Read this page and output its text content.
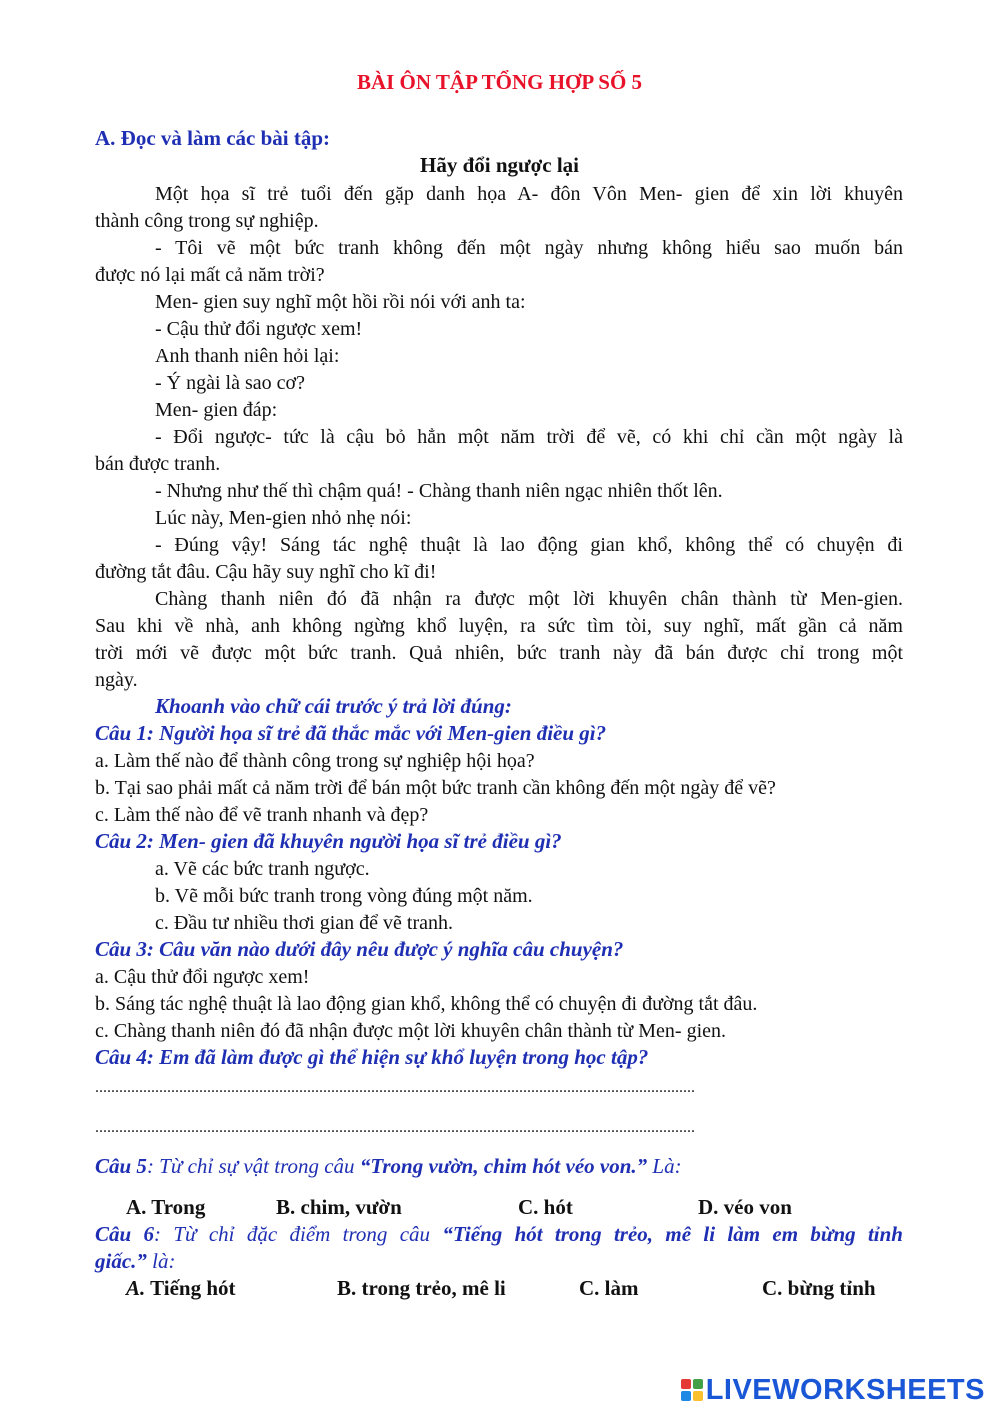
BÀI ÔN TẬP TỔNG HỢP SỐ 5
A. Đọc và làm các bài tập:
Hãy đổi ngược lại
Một họa sĩ trẻ tuổi đến gặp danh họa A- đôn Vôn Men- gien để xin lời khuyên
thành công trong sự nghiệp.
- Tôi vẽ một bức tranh không đến một ngày nhưng không hiểu sao muốn bán
được nó lại mất cả năm trời?
Men- gien suy nghĩ một hồi rồi nói với anh ta:
- Cậu thử đổi ngược xem!
Anh thanh niên hỏi lại:
- Ý ngài là sao cơ?
Men- gien đáp:
- Đổi ngược- tức là cậu bỏ hẳn một năm trời để vẽ, có khi chỉ cần một ngày là
bán được tranh.
- Nhưng như thế thì chậm quá! - Chàng thanh niên ngạc nhiên thốt lên.
Lúc này, Men-gien nhỏ nhẹ nói:
- Đúng vậy! Sáng tác nghệ thuật là lao động gian khổ, không thể có chuyện đi
đường tắt đâu. Cậu hãy suy nghĩ cho kĩ đi!
Chàng thanh niên đó đã nhận ra được một lời khuyên chân thành từ Men-gien.
Sau khi về nhà, anh không ngừng khổ luyện, ra sức tìm tòi, suy nghĩ, mất gần cả năm
trời mới vẽ được một bức tranh. Quả nhiên, bức tranh này đã bán được chỉ trong một
ngày.
Khoanh vào chữ cái trước ý trả lời đúng:
Câu 1: Người họa sĩ trẻ đã thắc mắc với Men-gien điều gì?
a. Làm thế nào để thành công trong sự nghiệp hội họa?
b. Tại sao phải mất cả năm trời để bán một bức tranh cần không đến một ngày để vẽ?
c. Làm thế nào để vẽ tranh nhanh và đẹp?
Câu 2: Men- gien đã khuyên người họa sĩ trẻ điều gì?
a. Vẽ các bức tranh ngược.
b. Vẽ mỗi bức tranh trong vòng đúng một năm.
c. Đầu tư nhiều thơi gian để vẽ tranh.
Câu 3: Câu văn nào dưới đây nêu được ý nghĩa câu chuyện?
a. Cậu thử đổi ngược xem!
b. Sáng tác nghệ thuật là lao động gian khổ, không thể có chuyện đi đường tắt đâu.
c. Chàng thanh niên đó đã nhận được một lời khuyên chân thành từ Men- gien.
Câu 4: Em đã làm được gì thể hiện sự khổ luyện trong học tập?
......................................................................................................................................................
......................................................................................................................................................
Câu 5: Từ chỉ sự vật trong câu “Trong vườn, chim hót véo von.” Là:
A. Trong	B. chim, vườn	C. hót	D. véo von
Câu 6: Từ chỉ đặc điểm trong câu “Tiếng hót trong trẻo, mê li làm em bừng tỉnh
giấc.” là:
A. Tiếng hót	B. trong trẻo, mê li	C. làm	C. bừng tỉnh
LIVEWORKSHEETS
